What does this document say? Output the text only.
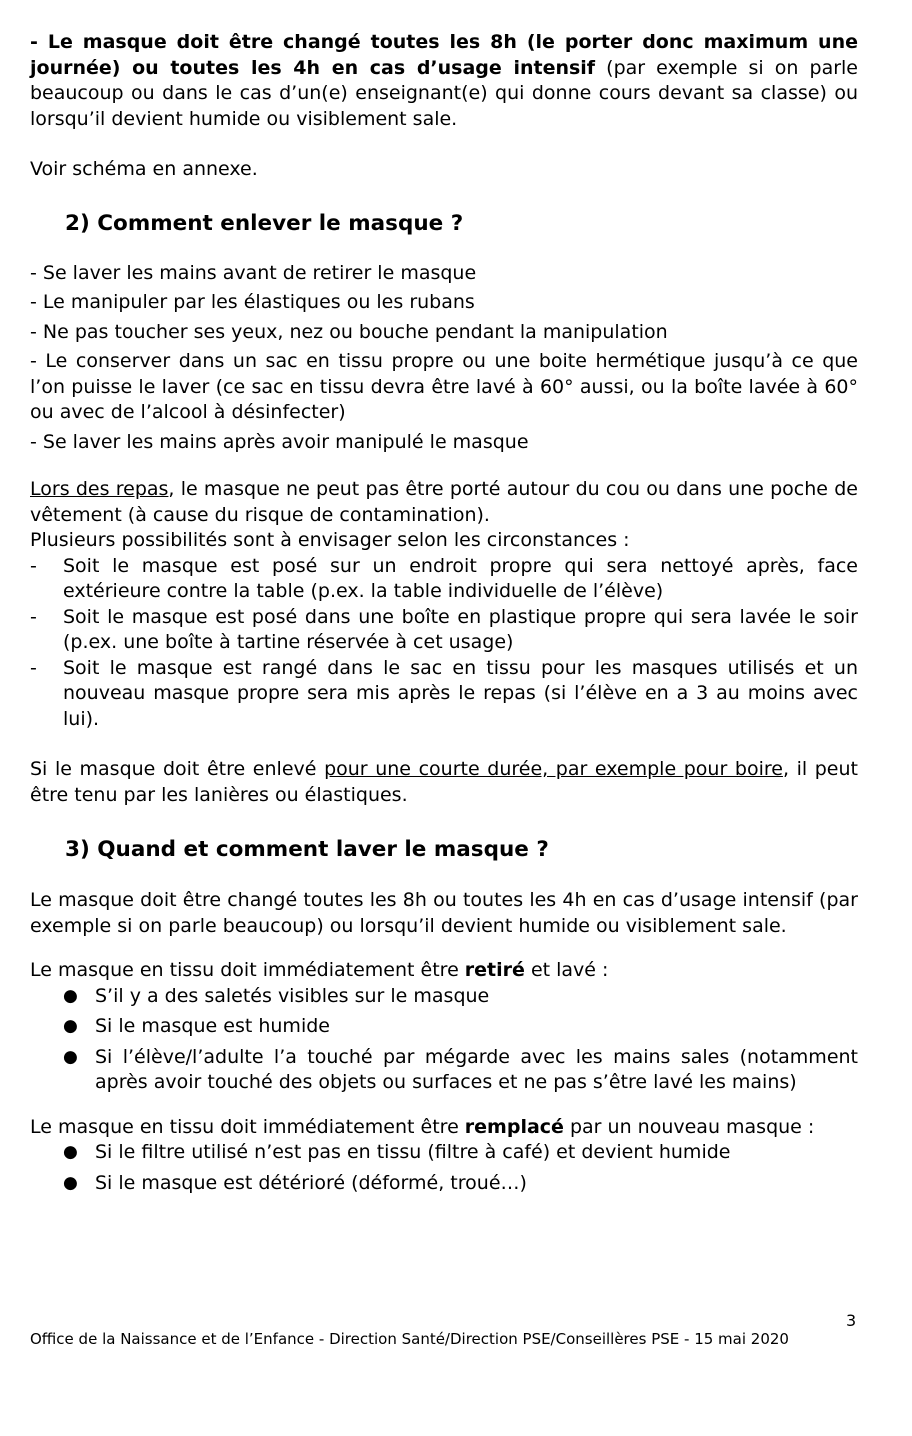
- Le masque doit être changé toutes les 8h (le porter donc maximum une journée) ou toutes les 4h en cas d’usage intensif (par exemple si on parle beaucoup ou dans le cas d’un(e) enseignant(e) qui donne cours devant sa classe) ou lorsqu’il devient humide ou visiblement sale.

Voir schéma en annexe.

2) Comment enlever le masque ?
- Se laver les mains avant de retirer le masque
- Le manipuler par les élastiques ou les rubans
- Ne pas toucher ses yeux, nez ou bouche pendant la manipulation
- Le conserver dans un sac en tissu propre ou une boite hermétique jusqu’à ce que l’on puisse le laver (ce sac en tissu devra être lavé à 60° aussi, ou la boîte lavée à 60° ou avec de l’alcool à désinfecter)
- Se laver les mains après avoir manipulé le masque

Lors des repas, le masque ne peut pas être porté autour du cou ou dans une poche de vêtement (à cause du risque de contamination).

Plusieurs possibilités sont à envisager selon les circonstances :

- Soit le masque est posé sur un endroit propre qui sera nettoyé après, face extérieure contre la table (p.ex. la table individuelle de l’élève)
- Soit le masque est posé dans une boîte en plastique propre qui sera lavée le soir (p.ex. une boîte à tartine réservée à cet usage)
- Soit le masque est rangé dans le sac en tissu pour les masques utilisés et un nouveau masque propre sera mis après le repas (si l’élève en a 3 au moins avec lui).

Si le masque doit être enlevé pour une courte durée, par exemple pour boire, il peut être tenu par les lanières ou élastiques.

3) Quand et comment laver le masque ?

Le masque doit être changé toutes les 8h ou toutes les 4h en cas d’usage intensif (par exemple si on parle beaucoup) ou lorsqu’il devient humide ou visiblement sale.

Le masque en tissu doit immédiatement être retiré et lavé :

● S’il y a des saletés visibles sur le masque
● Si le masque est humide
● Si l’élève/l’adulte l’a touché par mégarde avec les mains sales (notamment après avoir touché des objets ou surfaces et ne pas s’être lavé les mains)

Le masque en tissu doit immédiatement être remplacé par un nouveau masque :

● Si le filtre utilisé n’est pas en tissu (filtre à café) et devient humide
● Si le masque est détérioré (déformé, troué…)
3
Office de la Naissance et de l’Enfance - Direction Santé/Direction PSE/Conseillères PSE - 15 mai 2020
